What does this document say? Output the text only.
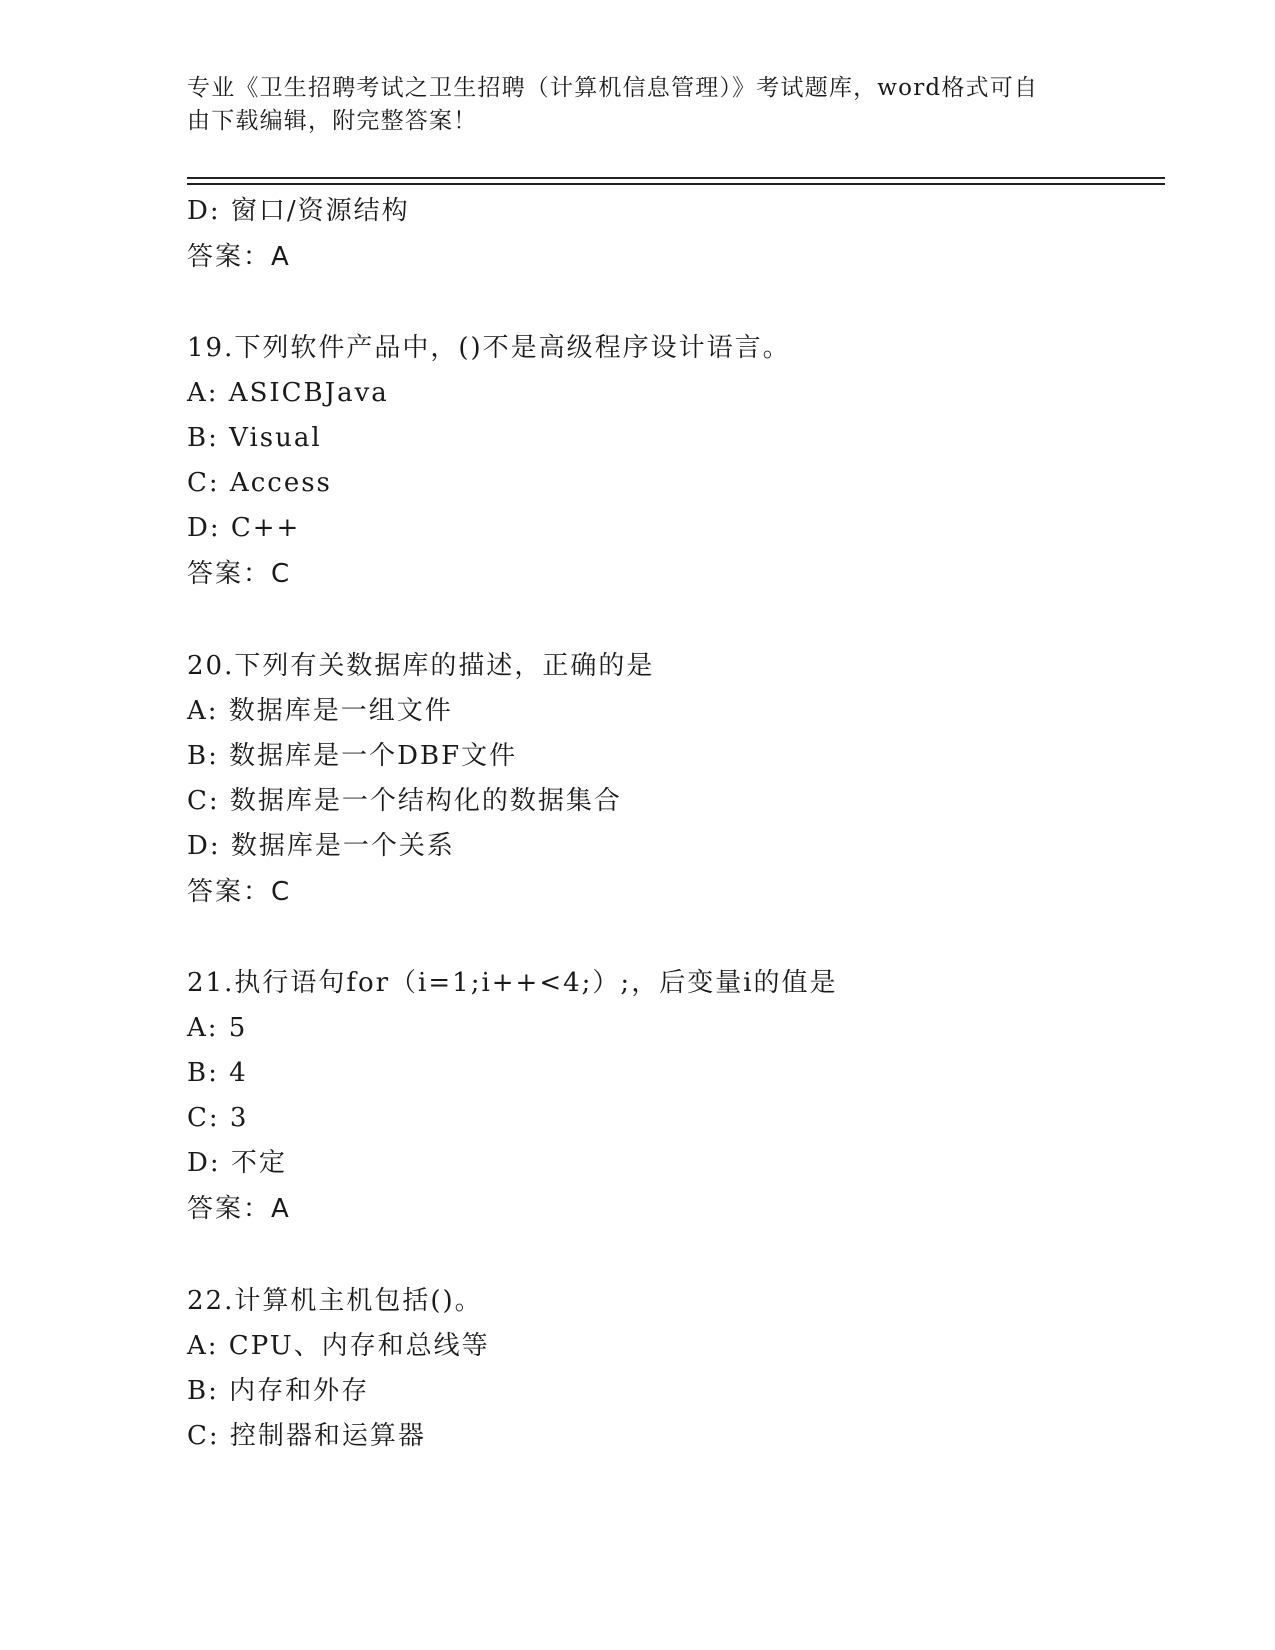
专业《卫生招聘考试之卫生招聘（计算机信息管理）》考试题库，word格式可自
由下载编辑，附完整答案！
D: 窗口/资源结构
答案：A
19.下列软件产品中，()不是高级程序设计语言。
A: ASICBJava
B: Visual
C: Access
D: C++
答案：C
20.下列有关数据库的描述，正确的是
A: 数据库是一组文件
B: 数据库是一个DBF文件
C: 数据库是一个结构化的数据集合
D: 数据库是一个关系
答案：C
21.执行语句for（i=1;i++<4;）;，后变量i的值是
A: 5
B: 4
C: 3
D: 不定
答案：A
22.计算机主机包括()。
A: CPU、内存和总线等
B: 内存和外存
C: 控制器和运算器
